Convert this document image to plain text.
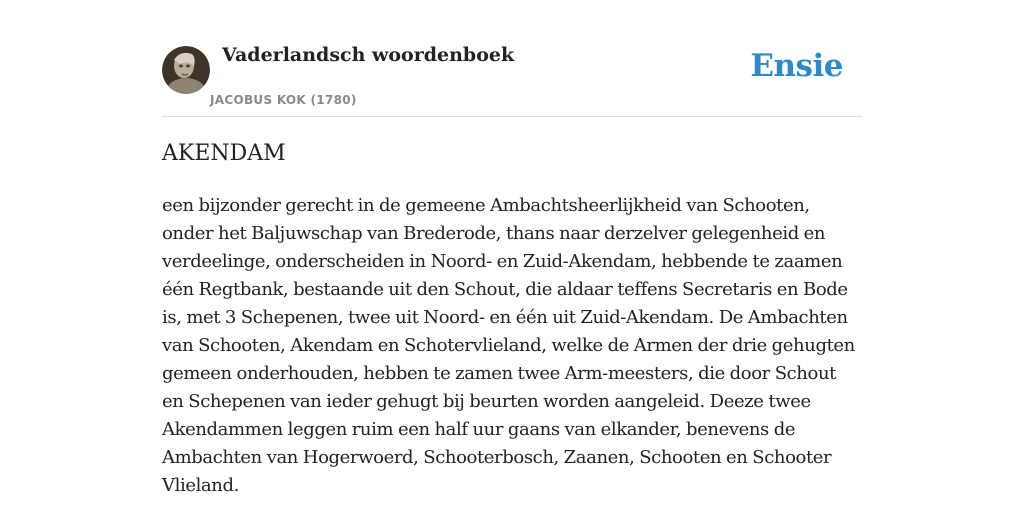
Vaderlandsch woordenboek
JACOBUS KOK (1780)
Ensie
AKENDAM

een bijzonder gerecht in de gemeene Ambachtsheerlijkheid van Schooten, onder het Baljuwschap van Brederode, thans naar derzelver gelegenheid en verdeelinge, onderscheiden in Noord- en Zuid-Akendam, hebbende te zaamen één Regtbank, bestaande uit den Schout, die aldaar teffens Secretaris en Bode is, met 3 Schepenen, twee uit Noord- en één uit Zuid-Akendam. De Ambachten van Schooten, Akendam en Schotervlieland, welke de Armen der drie gehugten gemeen onderhouden, hebben te zamen twee Arm-meesters, die door Schout en Schepenen van ieder gehugt bij beurten worden aangeleid. Deeze twee Akendammen leggen ruim een half uur gaans van elkander, benevens de Ambachten van Hogerwoerd, Schooterbosch, Zaanen, Schooten en Schooter Vlieland.
